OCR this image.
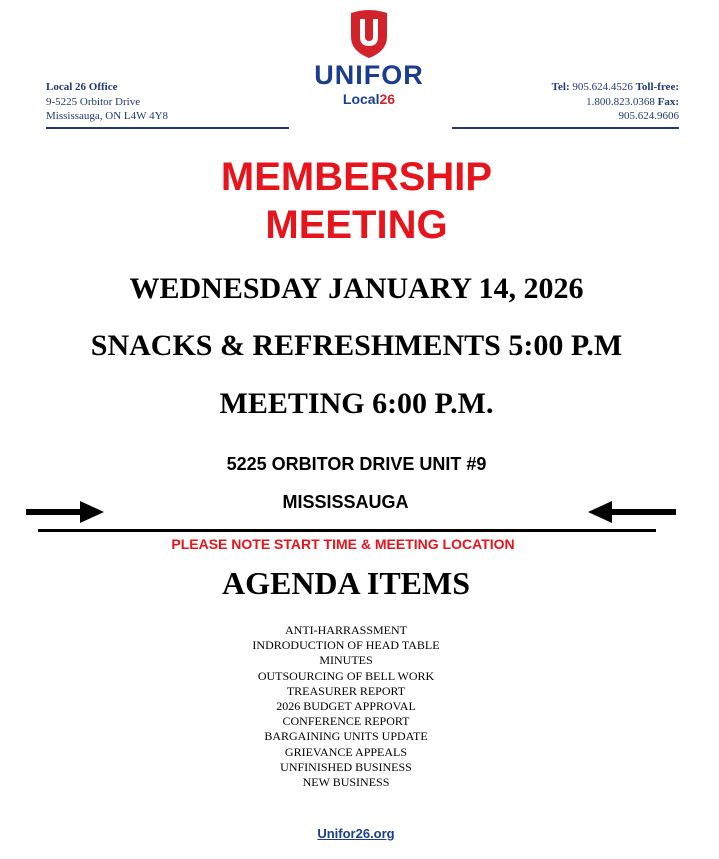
Local 26 Office
9-5225 Orbitor Drive
Mississauga, ON L4W 4Y8
Tel: 905.624.4526 Toll-free:
1.800.823.0368 Fax:
905.624.9606
UNIFOR
Local26
MEMBERSHIP
MEETING
WEDNESDAY JANUARY 14, 2026
SNACKS & REFRESHMENTS 5:00 P.M
MEETING 6:00 P.M.
5225 ORBITOR DRIVE UNIT #9
MISSISSAUGA
PLEASE NOTE START TIME & MEETING LOCATION
AGENDA ITEMS
ANTI-HARRASSMENT
INDRODUCTION OF HEAD TABLE
MINUTES
OUTSOURCING OF BELL WORK
TREASURER REPORT
2026 BUDGET APPROVAL
CONFERENCE REPORT
BARGAINING UNITS UPDATE
GRIEVANCE APPEALS
UNFINISHED BUSINESS
NEW BUSINESS
Unifor26.org
